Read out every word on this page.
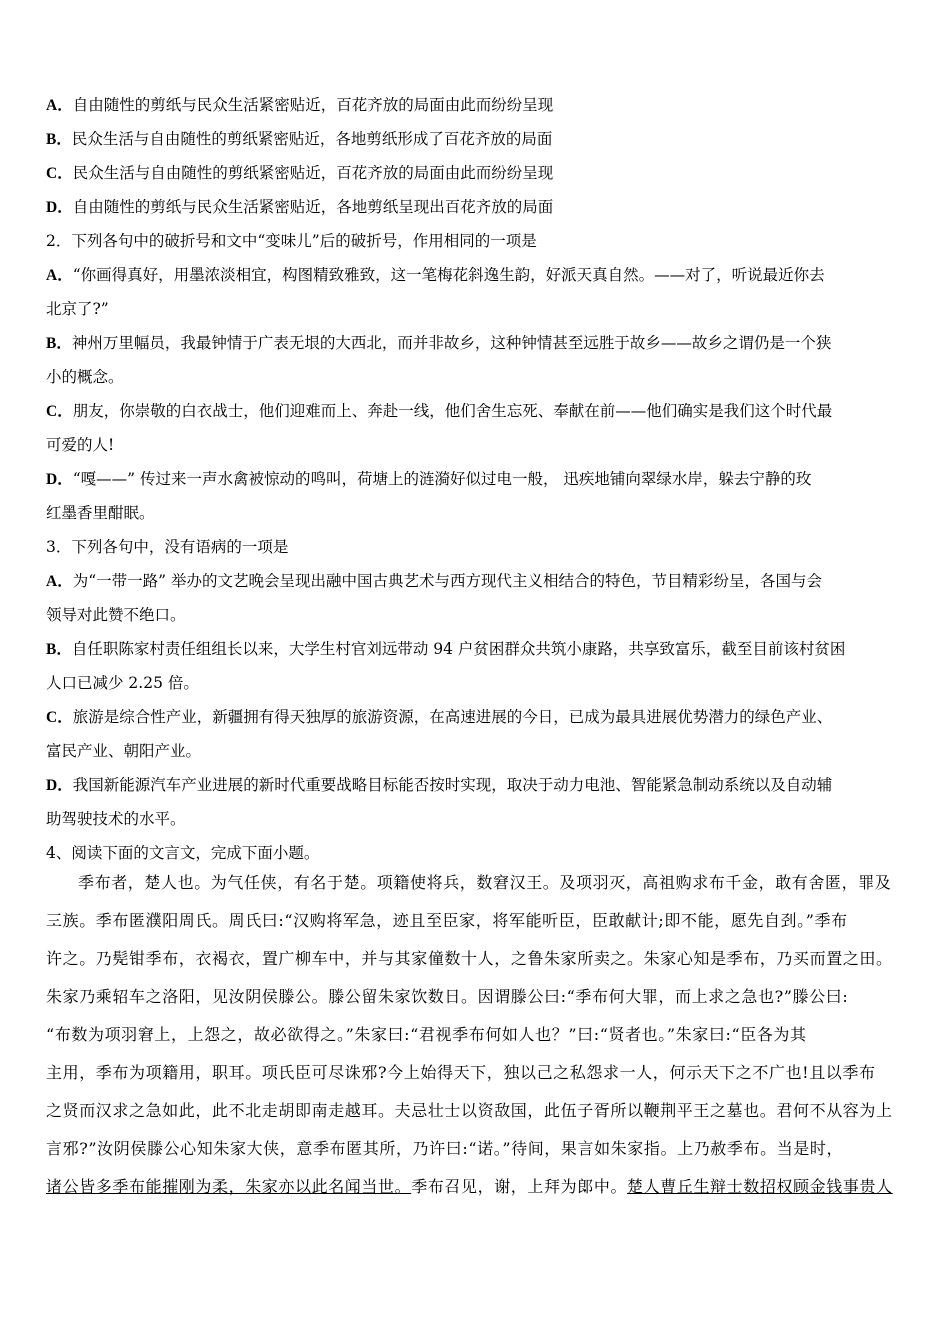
A．自由随性的剪纸与民众生活紧密贴近，百花齐放的局面由此而纷纷呈现

B．民众生活与自由随性的剪纸紧密贴近，各地剪纸形成了百花齐放的局面

C．民众生活与自由随性的剪纸紧密贴近，百花齐放的局面由此而纷纷呈现

D．自由随性的剪纸与民众生活紧密贴近，各地剪纸呈现出百花齐放的局面

2．下列各句中的破折号和文中“变味儿”后的破折号，作用相同的一项是

A．“你画得真好，用墨浓淡相宜，构图精致雅致，这一笔梅花斜逸生韵，好派天真自然。——对了，听说最近你去

北京了?”

B．神州万里幅员，我最钟情于广表无垠的大西北，而并非故乡，这种钟情甚至远胜于故乡——故乡之谓仍是一个狭

小的概念。

C．朋友，你崇敬的白衣战士，他们迎难而上、奔赴一线，他们舍生忘死、奉献在前——他们确实是我们这个时代最

可爱的人!

D．“嘎——” 传过来一声水禽被惊动的鸣叫，荷塘上的涟漪好似过电一般， 迅疾地铺向翠绿水岸，躲去宁静的玫

红墨香里酣眠。

3．下列各句中，没有语病的一项是

A．为“一带一路” 举办的文艺晚会呈现出融中国古典艺术与西方现代主义相结合的特色，节目精彩纷呈，各国与会

领导对此赞不绝口。

B．自任职陈家村责任组组长以来，大学生村官刘远带动 94 户贫困群众共筑小康路，共享致富乐，截至目前该村贫困

人口已减少 2.25 倍。

C．旅游是综合性产业，新疆拥有得天独厚的旅游资源，在高速进展的今日，已成为最具进展优势潜力的绿色产业、

富民产业、朝阳产业。

D．我国新能源汽车产业进展的新时代重要战略目标能否按时实现，取决于动力电池、智能紧急制动系统以及自动辅

助驾驶技术的水平。

4、阅读下面的文言文，完成下面小题。

季布者，楚人也。为气任侠，有名于楚。项籍使将兵，数窘汉王。及项羽灭，高祖购求布千金，敢有舍匿，罪及

三 ·族。季布匿濮阳周氏。周氏曰:“汉购将军急，迹且至臣家，将军能听臣，臣敢献计;即不能，愿先自刭。”季布

许之。乃髡 ·钳 ·季布，衣褐衣，置广柳车中，并与其家僮数十人，之鲁朱家所卖之。朱家心知是季布，乃买而置之田。

朱家乃乘轺车之洛阳，见汝阴侯滕公。滕公留朱家饮数日。因谓滕公曰:“季布何大罪，而上求之急也?”滕公曰:

“布数为项羽窘上，上怨之，故必欲得之。”朱家曰:“君视季布何如人也？”曰:“贤者也。”朱家曰:“臣各为其

主用，季布为项籍用，职耳。项氏臣可尽诛邪?今上始得天下，独以己之私怨求一人，何示天下之不广也!且以季布

之贤而汉求之急如此，此不北走胡即南走越耳。夫忌壮士以资敌国，此伍子胥所以鞭荆平王之墓也。君何不从容为上

言邪?”汝阴侯滕公心知朱家大侠，意季布匿其所，乃许曰:“诺。”待间，果言如朱家指。上乃赦季布。当是时，

诸公皆多季布能摧刚为柔，朱家亦以此名闻当世。季布召见，谢，上拜为郎 ·中 ·。楚人曹丘生辩士数招权顾金钱事贵人
